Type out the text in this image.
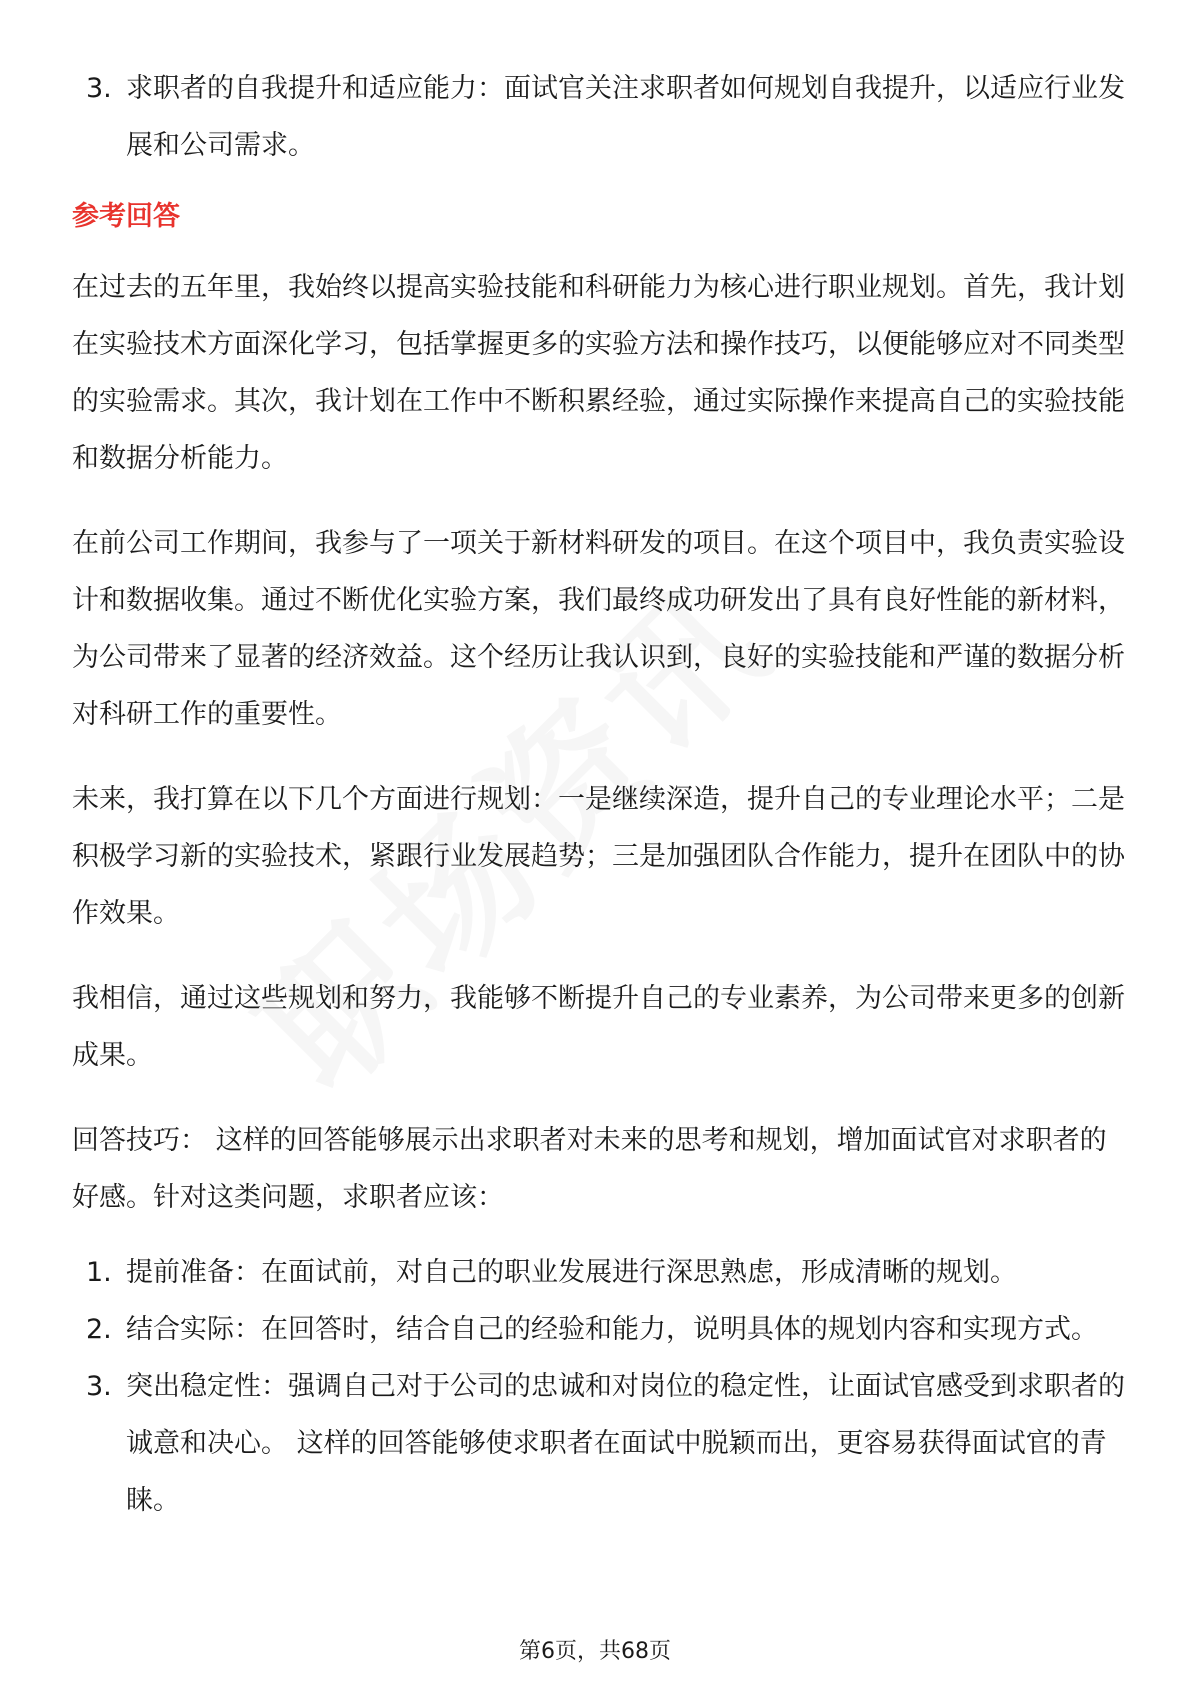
3. 求职者的自我提升和适应能力：面试官关注求职者如何规划自我提升，以适应行业发展和公司需求。
参考回答

在过去的五年里，我始终以提高实验技能和科研能力为核心进行职业规划。首先，我计划在实验技术方面深化学习，包括掌握更多的实验方法和操作技巧，以便能够应对不同类型的实验需求。其次，我计划在工作中不断积累经验，通过实际操作来提高自己的实验技能和数据分析能力。

在前公司工作期间，我参与了一项关于新材料研发的项目。在这个项目中，我负责实验设计和数据收集。通过不断优化实验方案，我们最终成功研发出了具有良好性能的新材料，为公司带来了显著的经济效益。这个经历让我认识到，良好的实验技能和严谨的数据分析对科研工作的重要性。

未来，我打算在以下几个方面进行规划：一是继续深造，提升自己的专业理论水平；二是积极学习新的实验技术，紧跟行业发展趋势；三是加强团队合作能力，提升在团队中的协作效果。

我相信，通过这些规划和努力，我能够不断提升自己的专业素养，为公司带来更多的创新成果。

回答技巧： 这样的回答能够展示出求职者对未来的思考和规划，增加面试官对求职者的好感。针对这类问题，求职者应该：

1. 提前准备：在面试前，对自己的职业发展进行深思熟虑，形成清晰的规划。
2. 结合实际：在回答时，结合自己的经验和能力，说明具体的规划内容和实现方式。
3. 突出稳定性：强调自己对于公司的忠诚和对岗位的稳定性，让面试官感受到求职者的诚意和决心。 这样的回答能够使求职者在面试中脱颖而出，更容易获得面试官的青睐。
第6页，共68页
